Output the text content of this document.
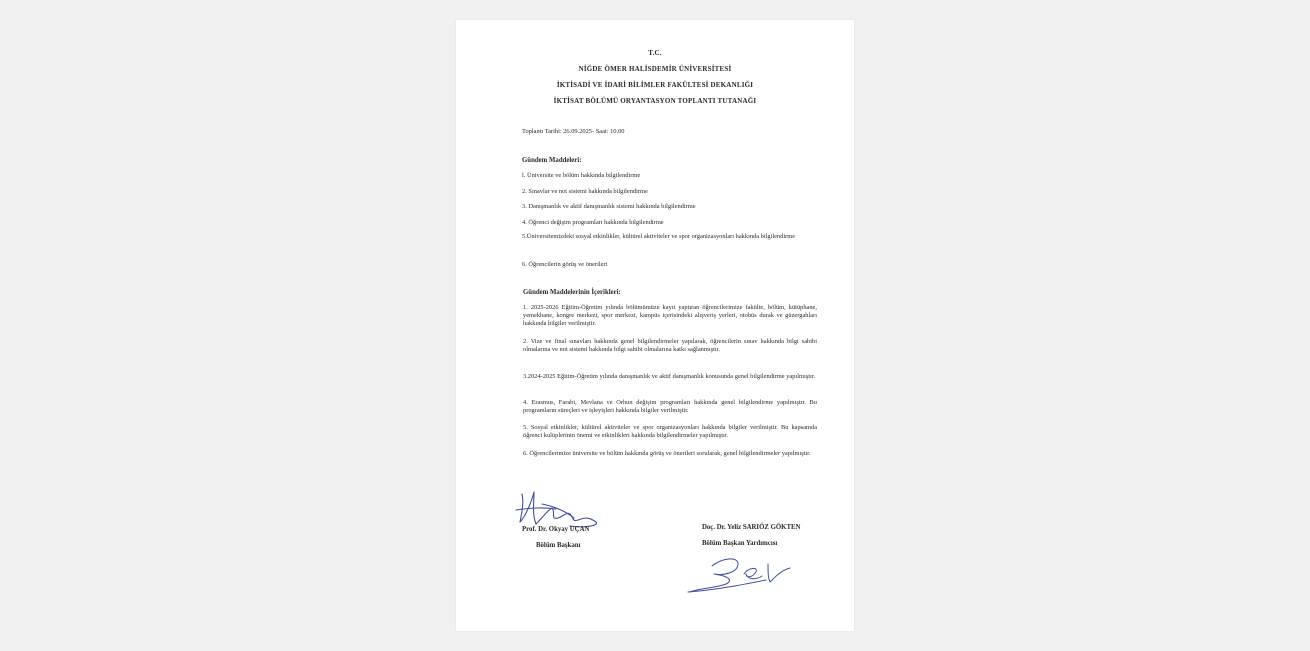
T.C.
NİĞDE ÖMER HALİSDEMİR ÜNİVERSİTESİ
İKTİSADİ VE İDARİ BİLİMLER FAKÜLTESİ DEKANLIĞI
İKTİSAT BÖLÜMÜ ORYANTASYON TOPLANTI TUTANAĞI
Toplantı Tarihi: 26.09.2025- Saat: 10.00
Gündem Maddeleri:
l. Üniversite ve bölüm hakkında bilgilendirme
2. Sınavlar ve not sistemi hakkında bilgilendirme
3. Danışmanlık ve aktif danışmanlık sistemi hakkında bilgilendirme
4. Öğrenci değişim programları hakkında bilgilendirme
5.Üniversitemizdeki sosyal etkinlikler, kültürel aktiviteler ve spor organizasyonları hakkında bilgilendirme
6. Öğrencilerin görüş ve önerileri
Gündem Maddelerinin İçerikleri:
1. 2025-2026 Eğitim-Öğretim yılında bölümümüze kayıt yaptıran öğrencilerimize fakülte, bölüm, kütüphane, yemekhane, kongre merkezi, spor merkezi, kampüs içerisindeki alışveriş yerleri, otobüs durak ve güzergahları hakkında bilgiler verilmiştir.
2. Vize ve final sınavları hakkında genel bilgilendirmeler yapılarak, öğrencilerin sınav hakkında bilgi sahibi olmalarına ve not sistemi hakkında bilgi sahibi olmalarına katkı sağlanmıştır.
3.2024-2025 Eğitim-Öğretim yılında danışmanlık ve aktif danışmanlık konusunda genel bilgilendirme yapılmıştır.
4. Erasmus, Farabi, Mevlana ve Orhun değişim programları hakkında genel bilgilendirme yapılmıştır. Bu programların süreçleri ve işleyişleri hakkında bilgiler verilmiştir.
5. Sosyal etkinlikler, kültürel aktiviteler ve spor organizasyonları hakkında bilgiler verilmiştir. Bu kapsamda öğrenci kulüplerinin önemi ve etkinlikleri hakkında bilgilendirmeler yapılmıştır.
6. Öğrencilerimize üniversite ve bölüm hakkında görüş ve önerileri sorularak, genel bilgilendirmeler yapılmıştır.
Prof. Dr. Okyay UÇAN
Bölüm Başkanı
Doç. Dr. Yeliz SARIÖZ GÖKTEN
Bölüm Başkan Yardımcısı
